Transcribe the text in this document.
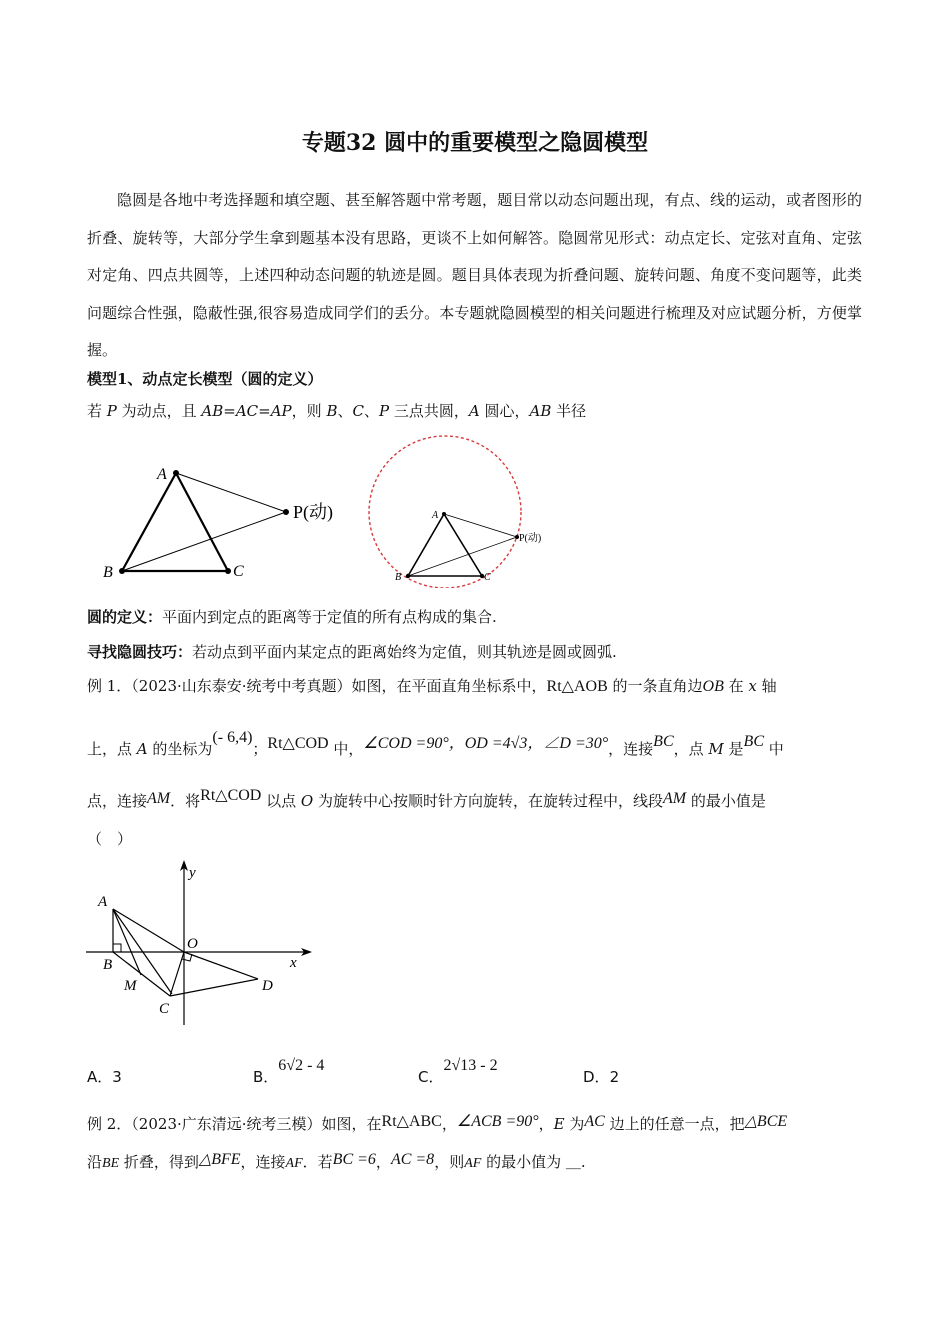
专题32 圆中的重要模型之隐圆模型
隐圆是各地中考选择题和填空题、甚至解答题中常考题，题目常以动态问题出现，有点、线的运动，或者图形的折叠、旋转等，大部分学生拿到题基本没有思路，更谈不上如何解答。隐圆常见形式：动点定长、定弦对直角、定弦对定角、四点共圆等，上述四种动态问题的轨迹是圆。题目具体表现为折叠问题、旋转问题、角度不变问题等，此类问题综合性强，隐蔽性强,很容易造成同学们的丢分。本专题就隐圆模型的相关问题进行梳理及对应试题分析，方便掌握。
模型1、动点定长模型（圆的定义）
若 P 为动点，且 AB=AC=AP，则 B、C、P 三点共圆，A 圆心，AB 半径
A
B	C
P(动)	A
B	C
P(动)
圆的定义：平面内到定点的距离等于定值的所有点构成的集合.
寻找隐圆技巧：若动点到平面内某定点的距离始终为定值，则其轨迹是圆或圆弧.
例 1．（2023·山东泰安·统考中考真题）如图，在平面直角坐标系中，Rt△AOB 的一条直角边OB 在 x 轴
上，点 A 的坐标为(- 6,4)；Rt△COD 中，∠COD =90°，OD =4√3，∠D =30°，连接BC，点 M 是BC 中
点，连接AM．将Rt△COD 以点 O 为旋转中心按顺时针方向旋转，在旋转过程中，线段AM 的最小值是
（　）
y
x
A
B
O
M
C
D
A．3	B．6√2 - 4
C．2√13 - 2
D．2
例 2．（2023·广东清远·统考三模）如图，在Rt△ABC，∠ACB =90°，E 为AC 边上的任意一点，把△BCE
沿BE 折叠，得到△BFE，连接AF．若BC =6，AC =8，则AF 的最小值为 ＿.
